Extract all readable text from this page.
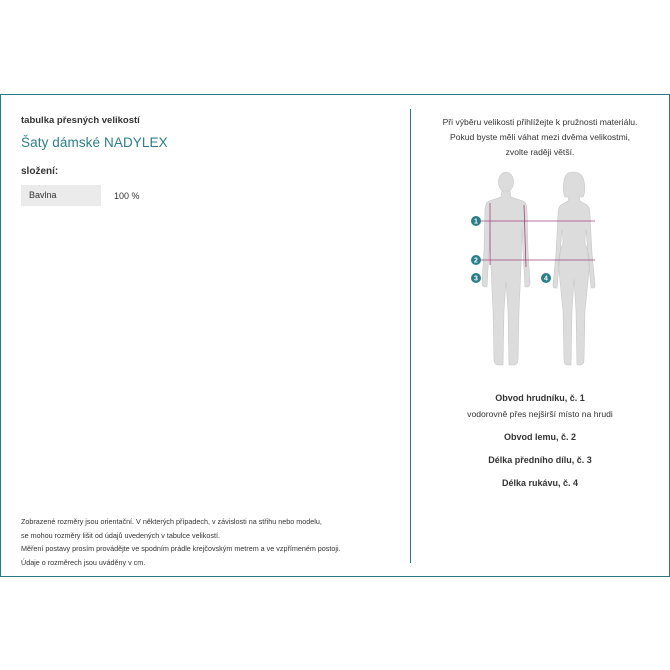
tabulka přesných velikostí

Šaty dámské NADYLEX

složení:
Bavlna	100 %
Zobrazené rozměry jsou orientační. V některých případech, v závislosti na střihu nebo modelu,
se mohou rozměry lišit od údajů uvedených v tabulce velikostí.
Měření postavy prosím provádějte ve spodním prádle krejčovským metrem a ve vzpřímeném postoji.
Údaje o rozměrech jsou uváděny v cm.
Při výběru velikosti přihlížejte k pružnosti materiálu.
Pokud byste měli váhat mezi dvěma velikostmi,
zvolte raději větší.
1
2
3	4
Obvod hrudníku, č. 1
vodorovně přes nejširší místo na hrudi
Obvod lemu, č. 2
Délka předního dílu, č. 3
Délka rukávu, č. 4
